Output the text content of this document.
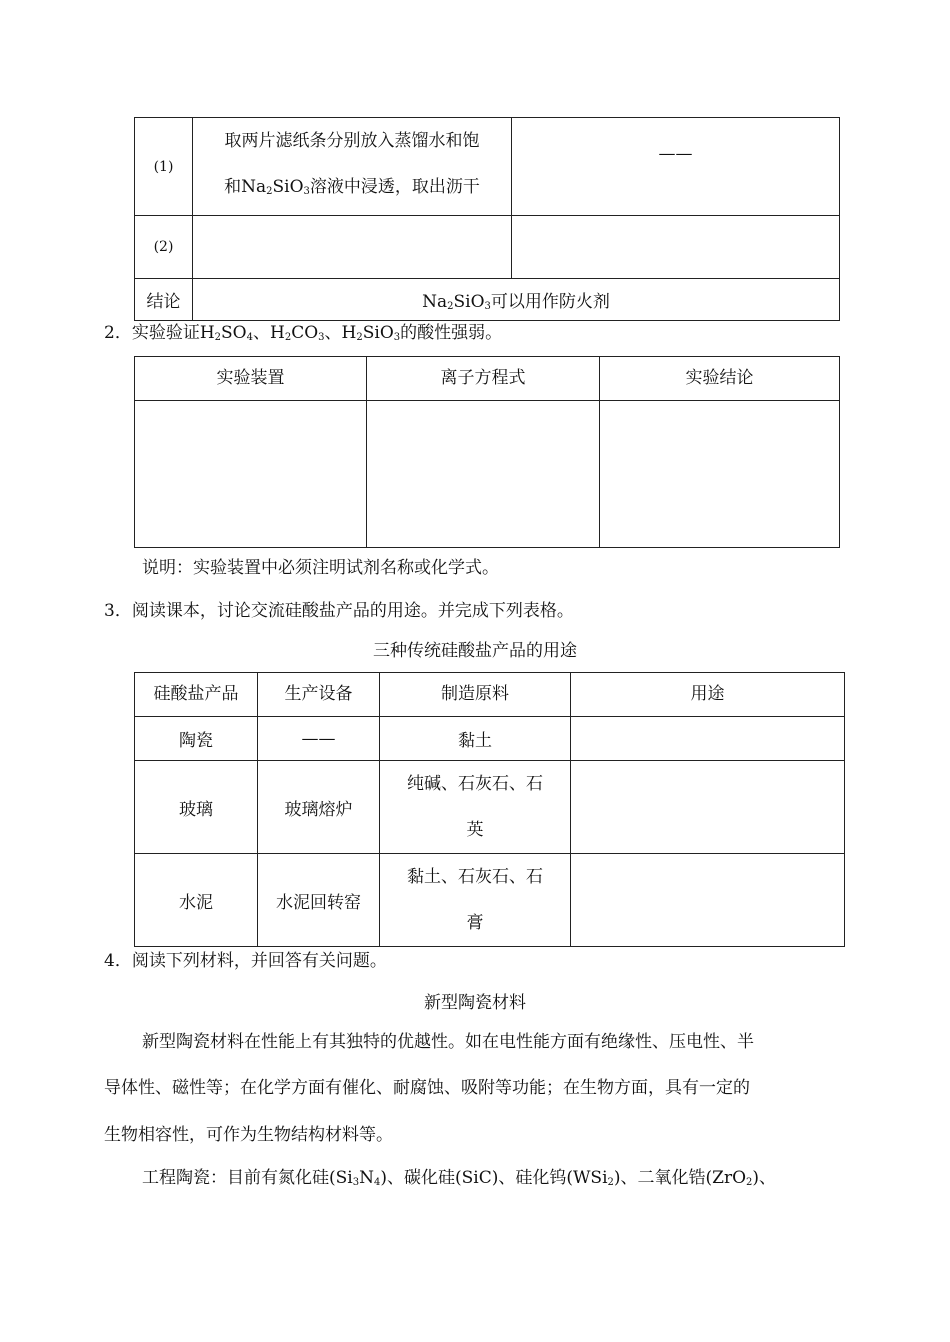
(1)	取两片滤纸条分别放入蒸馏水和饱
和$Na_2SiO_3$溶液中浸透，取出沥干	——
(2)		
结论	$Na_2SiO_3$可以用作防火剂	
2．实验验证$H_2SO_4$、$H_2CO_3$、$H_2SiO_3$的酸性强弱。
实验装置	离子方程式	实验结论

说明：实验装置中必须注明试剂名称或化学式。
3．阅读课本，讨论交流硅酸盐产品的用途。并完成下列表格。
三种传统硅酸盐产品的用途
硅酸盐产品	生产设备	制造原料	用途
陶瓷	——	黏土	

玻璃	玻璃熔炉	纯碱、石灰石、石
英	

水泥	水泥回转窑	黏土、石灰石、石
膏	

4．阅读下列材料，并回答有关问题。
新型陶瓷材料
新型陶瓷材料在性能上有其独特的优越性。如在电性能方面有绝缘性、压电性、半
导体性、磁性等；在化学方面有催化、耐腐蚀、吸附等功能；在生物方面，具有一定的
生物相容性，可作为生物结构材料等。
工程陶瓷：目前有氮化硅$(Si_3N_4)$、碳化硅(SiC)、硅化钨(WSi$_2$)、二氧化锆(ZrO$_2$)、
